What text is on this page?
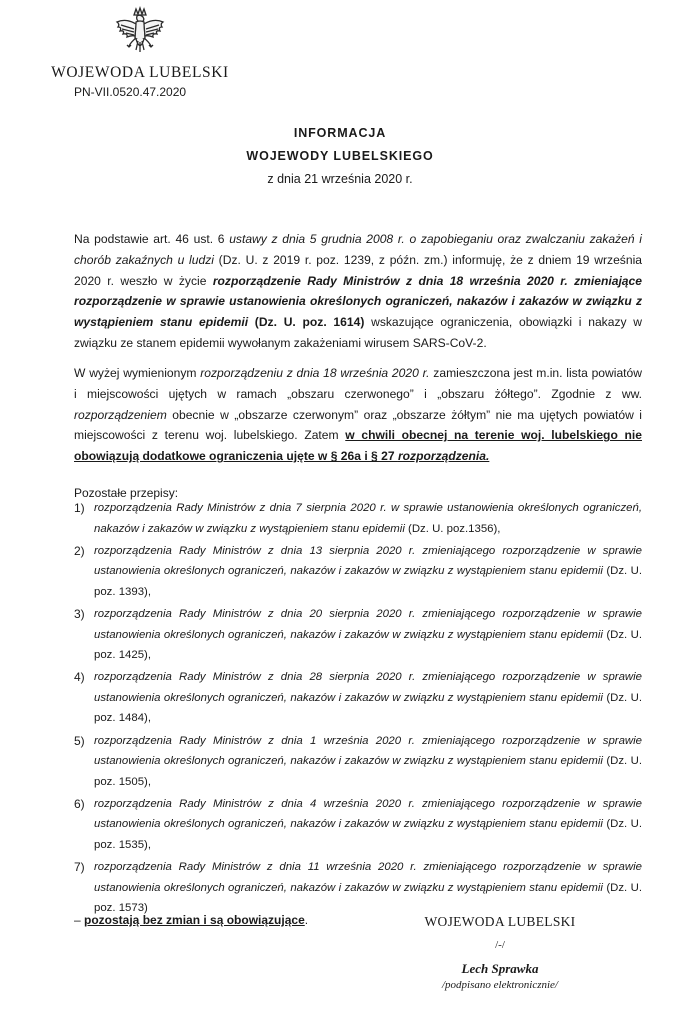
WOJEWODA LUBELSKI
PN-VII.0520.47.2020
INFORMACJA
WOJEWODY LUBELSKIEGO
z dnia 21 września 2020 r.
Na podstawie art. 46 ust. 6 ustawy z dnia 5 grudnia 2008 r. o zapobieganiu oraz zwalczaniu zakażeń i chorób zakaźnych u ludzi (Dz. U. z 2019 r. poz. 1239, z późn. zm.) informuję, że z dniem 19 września 2020 r. weszło w życie rozporządzenie Rady Ministrów z dnia 18 września 2020 r. zmieniające rozporządzenie w sprawie ustanowienia określonych ograniczeń, nakazów i zakazów w związku z wystąpieniem stanu epidemii (Dz. U. poz. 1614) wskazujące ograniczenia, obowiązki i nakazy w związku ze stanem epidemii wywołanym zakażeniami wirusem SARS-CoV-2.
W wyżej wymienionym rozporządzeniu z dnia 18 września 2020 r. zamieszczona jest m.in. lista powiatów i miejscowości ujętych w ramach „obszaru czerwonego” i „obszaru żółtego”. Zgodnie z ww. rozporządzeniem obecnie w „obszarze czerwonym” oraz „obszarze żółtym” nie ma ujętych powiatów i miejscowości z terenu woj. lubelskiego. Zatem w chwili obecnej na terenie woj. lubelskiego nie obowiązują dodatkowe ograniczenia ujęte w § 26a i § 27 rozporządzenia.
Pozostałe przepisy:
1) rozporządzenia Rady Ministrów z dnia 7 sierpnia 2020 r. w sprawie ustanowienia określonych ograniczeń, nakazów i zakazów w związku z wystąpieniem stanu epidemii (Dz. U. poz.1356),
2) rozporządzenia Rady Ministrów z dnia 13 sierpnia 2020 r. zmieniającego rozporządzenie w sprawie ustanowienia określonych ograniczeń, nakazów i zakazów w związku z wystąpieniem stanu epidemii (Dz. U. poz. 1393),
3) rozporządzenia Rady Ministrów z dnia 20 sierpnia 2020 r. zmieniającego rozporządzenie w sprawie ustanowienia określonych ograniczeń, nakazów i zakazów w związku z wystąpieniem stanu epidemii (Dz. U. poz. 1425),
4) rozporządzenia Rady Ministrów z dnia 28 sierpnia 2020 r. zmieniającego rozporządzenie w sprawie ustanowienia określonych ograniczeń, nakazów i zakazów w związku z wystąpieniem stanu epidemii (Dz. U. poz. 1484),
5) rozporządzenia Rady Ministrów z dnia 1 września 2020 r. zmieniającego rozporządzenie w sprawie ustanowienia określonych ograniczeń, nakazów i zakazów w związku z wystąpieniem stanu epidemii (Dz. U. poz. 1505),
6) rozporządzenia Rady Ministrów z dnia 4 września 2020 r. zmieniającego rozporządzenie w sprawie ustanowienia określonych ograniczeń, nakazów i zakazów w związku z wystąpieniem stanu epidemii (Dz. U. poz. 1535),
7) rozporządzenia Rady Ministrów z dnia 11 września 2020 r. zmieniającego rozporządzenie w sprawie ustanowienia określonych ograniczeń, nakazów i zakazów w związku z wystąpieniem stanu epidemii (Dz. U. poz. 1573)
– pozostają bez zmian i są obowiązujące.	WOJEWODA LUBELSKI
/-/
Lech Sprawka
/podpisano elektronicznie/
